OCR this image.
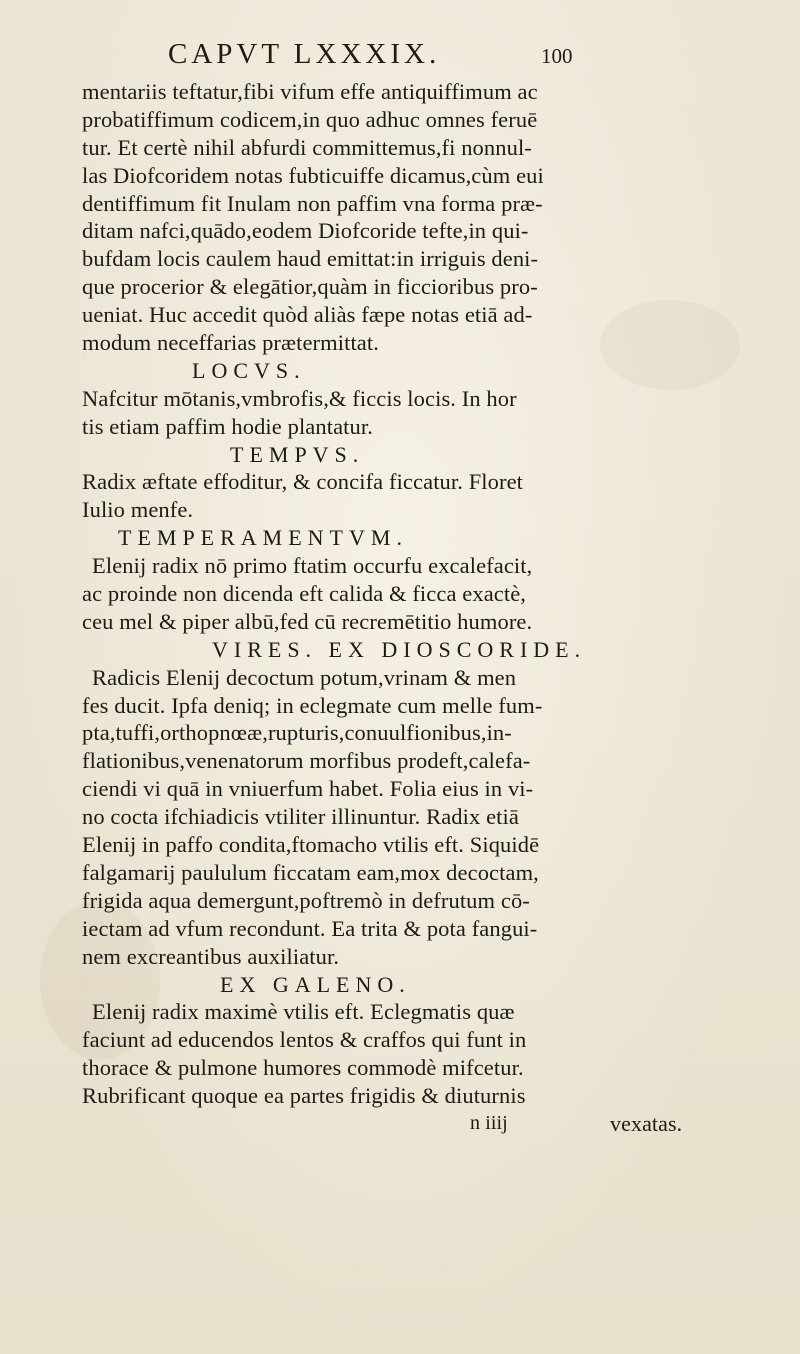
CAPVT LXXXIX.	100
mentariis teftatur,fibi vifum effe antiquiffimum ac
probatiffimum codicem,in quo adhuc omnes feruē
tur. Et certè nihil abfurdi committemus,fi nonnul-
las Diofcoridem notas fubticuiffe dicamus,cùm eui
dentiffimum fit Inulam non paffim vna forma præ-
ditam nafci,quādo,eodem Diofcoride tefte,in qui-
bufdam locis caulem haud emittat:in irriguis deni-
que procerior & elegātior,quàm in ficcioribus pro-
ueniat. Huc accedit quòd aliàs fæpe notas etiā ad-
modum neceffarias prætermittat.
LOCVS.
Nafcitur mōtanis,vmbrofis,& ficcis locis. In hor
tis etiam paffim hodie plantatur.
TEMPVS.
Radix æftate effoditur, & concifa ficcatur. Floret
Iulio menfe.
TEMPERAMENTVM.
Elenij radix nō primo ftatim occurfu excalefacit,
ac proinde non dicenda eft calida & ficca exactè,
ceu mel & piper albū,fed cū recremētitio humore.
VIRES. EX DIOSCORIDE.
Radicis Elenij decoctum potum,vrinam & men
fes ducit. Ipfa deniq; in eclegmate cum melle fum-
pta,tuffi,orthopnœæ,rupturis,conuulfionibus,in-
flationibus,venenatorum morfibus prodeft,calefa-
ciendi vi quā in vniuerfum habet. Folia eius in vi-
no cocta ifchiadicis vtiliter illinuntur. Radix etiā
Elenij in paffo condita,ftomacho vtilis eft. Siquidē
falgamarij paululum ficcatam eam,mox decoctam,
frigida aqua demergunt,poftremò in defrutum cō-
iectam ad vfum recondunt. Ea trita & pota fangui-
nem excreantibus auxiliatur.
EX GALENO.
Elenij radix maximè vtilis eft. Eclegmatis quæ
faciunt ad educendos lentos & craffos qui funt in
thorace & pulmone humores commodè mifcetur.
Rubrificant quoque ea partes frigidis & diuturnis
n iiij	vexatas.
